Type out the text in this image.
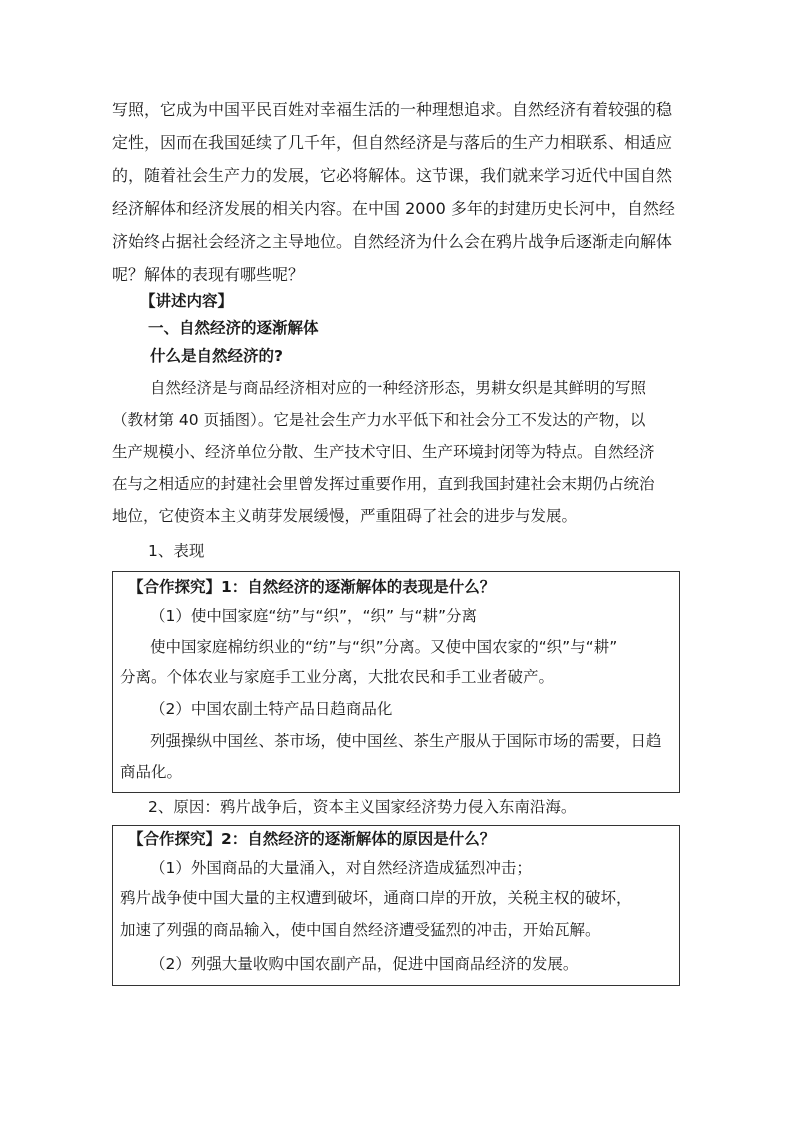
写照，它成为中国平民百姓对幸福生活的一种理想追求。自然经济有着较强的稳
定性，因而在我国延续了几千年，但自然经济是与落后的生产力相联系、相适应
的，随着社会生产力的发展，它必将解体。这节课，我们就来学习近代中国自然
经济解体和经济发展的相关内容。在中国 2000 多年的封建历史长河中，自然经
济始终占据社会经济之主导地位。自然经济为什么会在鸦片战争后逐渐走向解体
呢？解体的表现有哪些呢？
【讲述内容】
一、自然经济的逐渐解体
什么是自然经济的?
自然经济是与商品经济相对应的一种经济形态，男耕女织是其鲜明的写照
（教材第 40 页插图）。它是社会生产力水平低下和社会分工不发达的产物，以
生产规模小、经济单位分散、生产技术守旧、生产环境封闭等为特点。自然经济
在与之相适应的封建社会里曾发挥过重要作用，直到我国封建社会末期仍占统治
地位，它使资本主义萌芽发展缓慢，严重阻碍了社会的进步与发展。
1、表现
【合作探究】1：自然经济的逐渐解体的表现是什么？
（1）使中国家庭“纺”与“织”，“织” 与“耕”分离
使中国家庭棉纺织业的“纺”与“织”分离。又使中国农家的“织”与“耕”
分离。个体农业与家庭手工业分离，大批农民和手工业者破产。
（2）中国农副土特产品日趋商品化
列强操纵中国丝、茶市场，使中国丝、茶生产服从于国际市场的需要，日趋
商品化。
2、原因：鸦片战争后，资本主义国家经济势力侵入东南沿海。
【合作探究】2：自然经济的逐渐解体的原因是什么？
（1）外国商品的大量涌入，对自然经济造成猛烈冲击；
鸦片战争使中国大量的主权遭到破坏，通商口岸的开放，关税主权的破坏，
加速了列强的商品输入，使中国自然经济遭受猛烈的冲击，开始瓦解。
（2）列强大量收购中国农副产品，促进中国商品经济的发展。
